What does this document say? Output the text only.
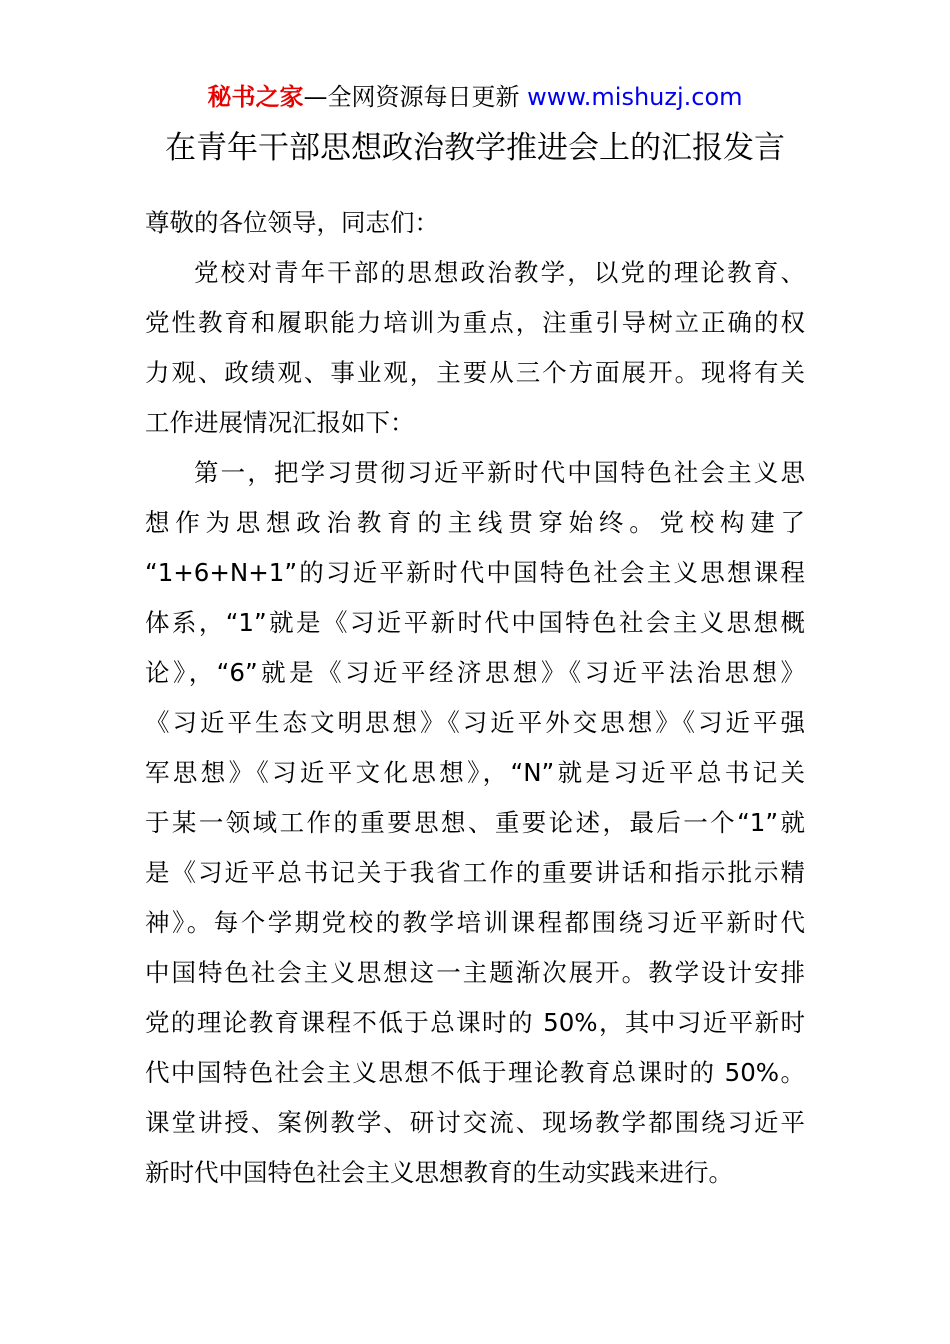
秘书之家—全网资源每日更新 www.mishuzj.com
在青年干部思想政治教学推进会上的汇报发言
尊敬的各位领导，同志们：
党校对青年干部的思想政治教学，以党的理论教育、
党性教育和履职能力培训为重点，注重引导树立正确的权
力观、政绩观、事业观，主要从三个方面展开。现将有关
工作进展情况汇报如下：
第一，把学习贯彻习近平新时代中国特色社会主义思
想作为思想政治教育的主线贯穿始终。党校构建了
“1+6+N+1”的习近平新时代中国特色社会主义思想课程
体系，“1”就是《习近平新时代中国特色社会主义思想概
论》，“6”就是《习近平经济思想》《习近平法治思想》
《习近平生态文明思想》《习近平外交思想》《习近平强
军思想》《习近平文化思想》，“N”就是习近平总书记关
于某一领域工作的重要思想、重要论述，最后一个“1”就
是《习近平总书记关于我省工作的重要讲话和指示批示精
神》。每个学期党校的教学培训课程都围绕习近平新时代
中国特色社会主义思想这一主题渐次展开。教学设计安排
党的理论教育课程不低于总课时的 50%，其中习近平新时
代中国特色社会主义思想不低于理论教育总课时的 50%。
课堂讲授、案例教学、研讨交流、现场教学都围绕习近平
新时代中国特色社会主义思想教育的生动实践来进行。
